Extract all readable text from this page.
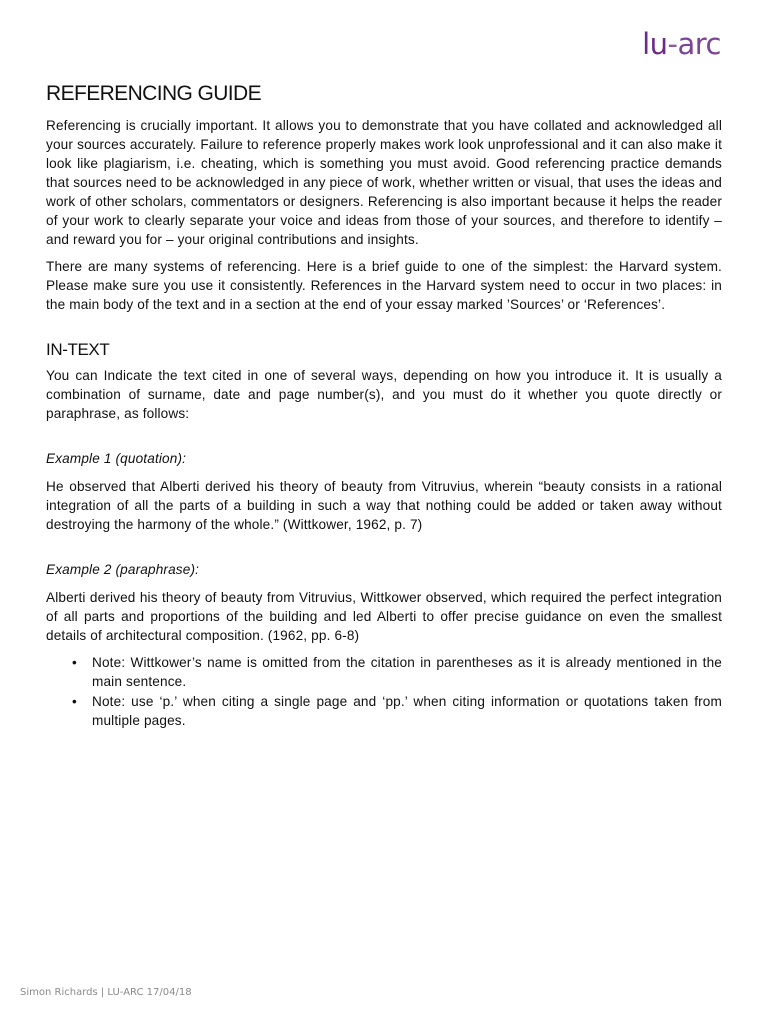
lu-arc
REFERENCING GUIDE

Referencing is crucially important. It allows you to demonstrate that you have collated and acknowledged all your sources accurately. Failure to reference properly makes work look unprofessional and it can also make it look like plagiarism, i.e. cheating, which is something you must avoid. Good referencing practice demands that sources need to be acknowledged in any piece of work, whether written or visual, that uses the ideas and work of other scholars, commentators or designers. Referencing is also important because it helps the reader of your work to clearly separate your voice and ideas from those of your sources, and therefore to identify – and reward you for – your original contributions and insights.

There are many systems of referencing. Here is a brief guide to one of the simplest: the Harvard system. Please make sure you use it consistently. References in the Harvard system need to occur in two places: in the main body of the text and in a section at the end of your essay marked ’Sources’ or ‘References’.

IN-TEXT

You can Indicate the text cited in one of several ways, depending on how you introduce it. It is usually a combination of surname, date and page number(s), and you must do it whether you quote directly or paraphrase, as follows:

Example 1 (quotation):

He observed that Alberti derived his theory of beauty from Vitruvius, wherein “beauty consists in a rational integration of all the parts of a building in such a way that nothing could be added or taken away without destroying the harmony of the whole.” (Wittkower, 1962, p. 7)

Example 2 (paraphrase):

Alberti derived his theory of beauty from Vitruvius, Wittkower observed, which required the perfect integration of all parts and proportions of the building and led Alberti to offer precise guidance on even the smallest details of architectural composition. (1962, pp. 6-8)

• Note: Wittkower’s name is omitted from the citation in parentheses as it is already mentioned in the main sentence.
• Note: use ‘p.’ when citing a single page and ‘pp.’ when citing information or quotations taken from multiple pages.
Simon Richards | LU-ARC 17/04/18
